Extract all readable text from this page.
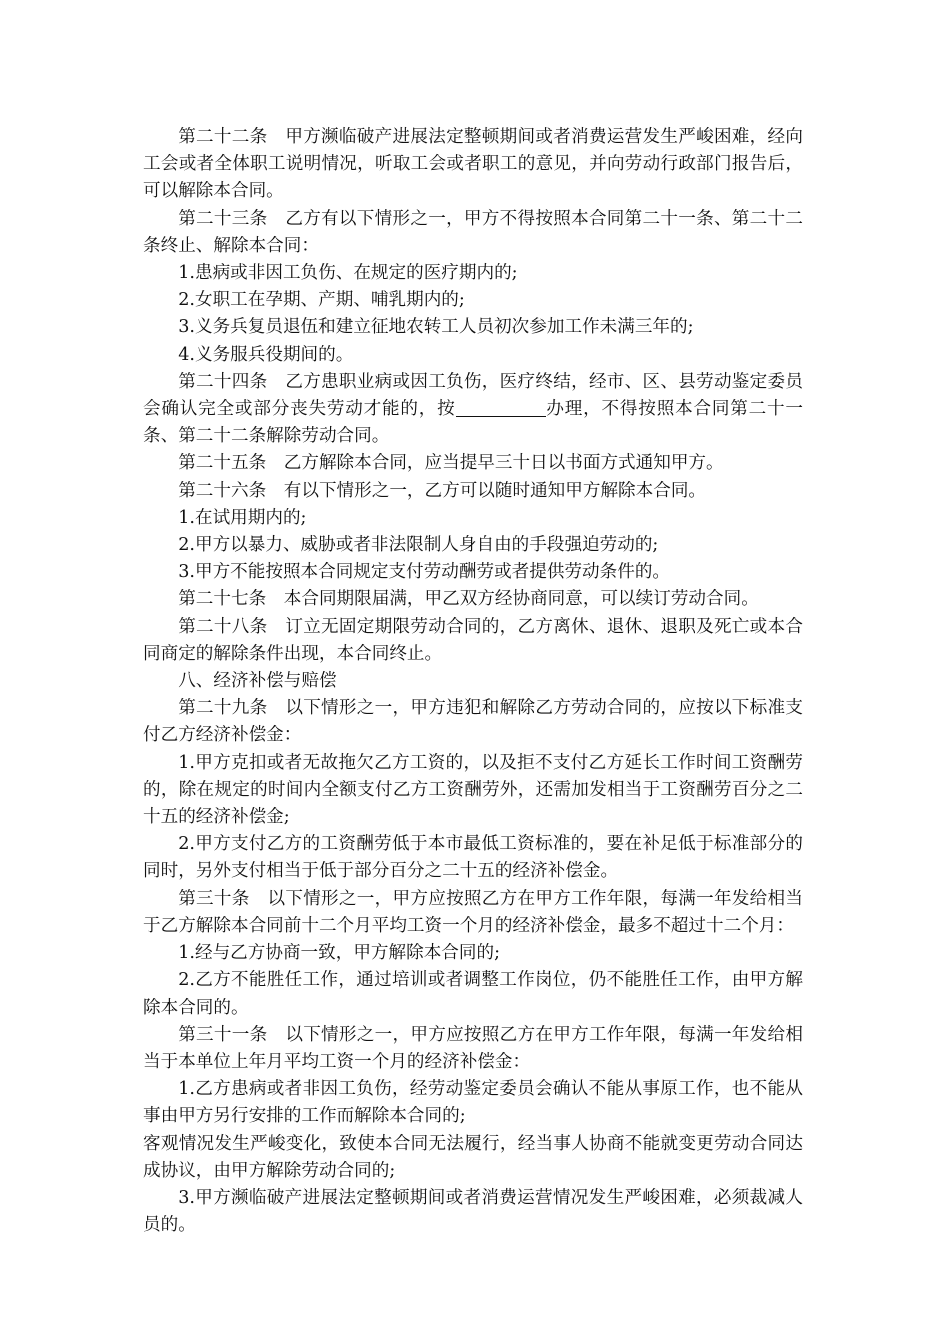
第二十二条 甲方濒临破产进展法定整顿期间或者消费运营发生严峻困难，经向工会或者全体职工说明情况，听取工会或者职工的意见，并向劳动行政部门报告后，可以解除本合同。

第二十三条 乙方有以下情形之一，甲方不得按照本合同第二十一条、第二十二条终止、解除本合同：

1.患病或非因工负伤、在规定的医疗期内的;

2.女职工在孕期、产期、哺乳期内的;

3.义务兵复员退伍和建立征地农转工人员初次参加工作未满三年的;

4.义务服兵役期间的。

第二十四条 乙方患职业病或因工负伤，医疗终结，经市、区、县劳动鉴定委员会确认完全或部分丧失劳动才能的，按	办理，不得按照本合同第二十一条、第二十二条解除劳动合同。

第二十五条 乙方解除本合同，应当提早三十日以书面方式通知甲方。

第二十六条 有以下情形之一，乙方可以随时通知甲方解除本合同。

1.在试用期内的;

2.甲方以暴力、威胁或者非法限制人身自由的手段强迫劳动的;

3.甲方不能按照本合同规定支付劳动酬劳或者提供劳动条件的。

第二十七条 本合同期限届满，甲乙双方经协商同意，可以续订劳动合同。

第二十八条 订立无固定期限劳动合同的，乙方离休、退休、退职及死亡或本合同商定的解除条件出现，本合同终止。

八、经济补偿与赔偿

第二十九条 以下情形之一，甲方违犯和解除乙方劳动合同的，应按以下标准支付乙方经济补偿金：

1.甲方克扣或者无故拖欠乙方工资的，以及拒不支付乙方延长工作时间工资酬劳的，除在规定的时间内全额支付乙方工资酬劳外，还需加发相当于工资酬劳百分之二十五的经济补偿金;

2.甲方支付乙方的工资酬劳低于本市最低工资标准的，要在补足低于标准部分的同时，另外支付相当于低于部分百分之二十五的经济补偿金。

第三十条 以下情形之一，甲方应按照乙方在甲方工作年限，每满一年发给相当于乙方解除本合同前十二个月平均工资一个月的经济补偿金，最多不超过十二个月：

1.经与乙方协商一致，甲方解除本合同的;

2.乙方不能胜任工作，通过培训或者调整工作岗位，仍不能胜任工作，由甲方解除本合同的。

第三十一条 以下情形之一，甲方应按照乙方在甲方工作年限，每满一年发给相当于本单位上年月平均工资一个月的经济补偿金：

1.乙方患病或者非因工负伤，经劳动鉴定委员会确认不能从事原工作，也不能从事由甲方另行安排的工作而解除本合同的;

客观情况发生严峻变化，致使本合同无法履行，经当事人协商不能就变更劳动合同达成协议，由甲方解除劳动合同的;

3.甲方濒临破产进展法定整顿期间或者消费运营情况发生严峻困难，必须裁减人员的。
